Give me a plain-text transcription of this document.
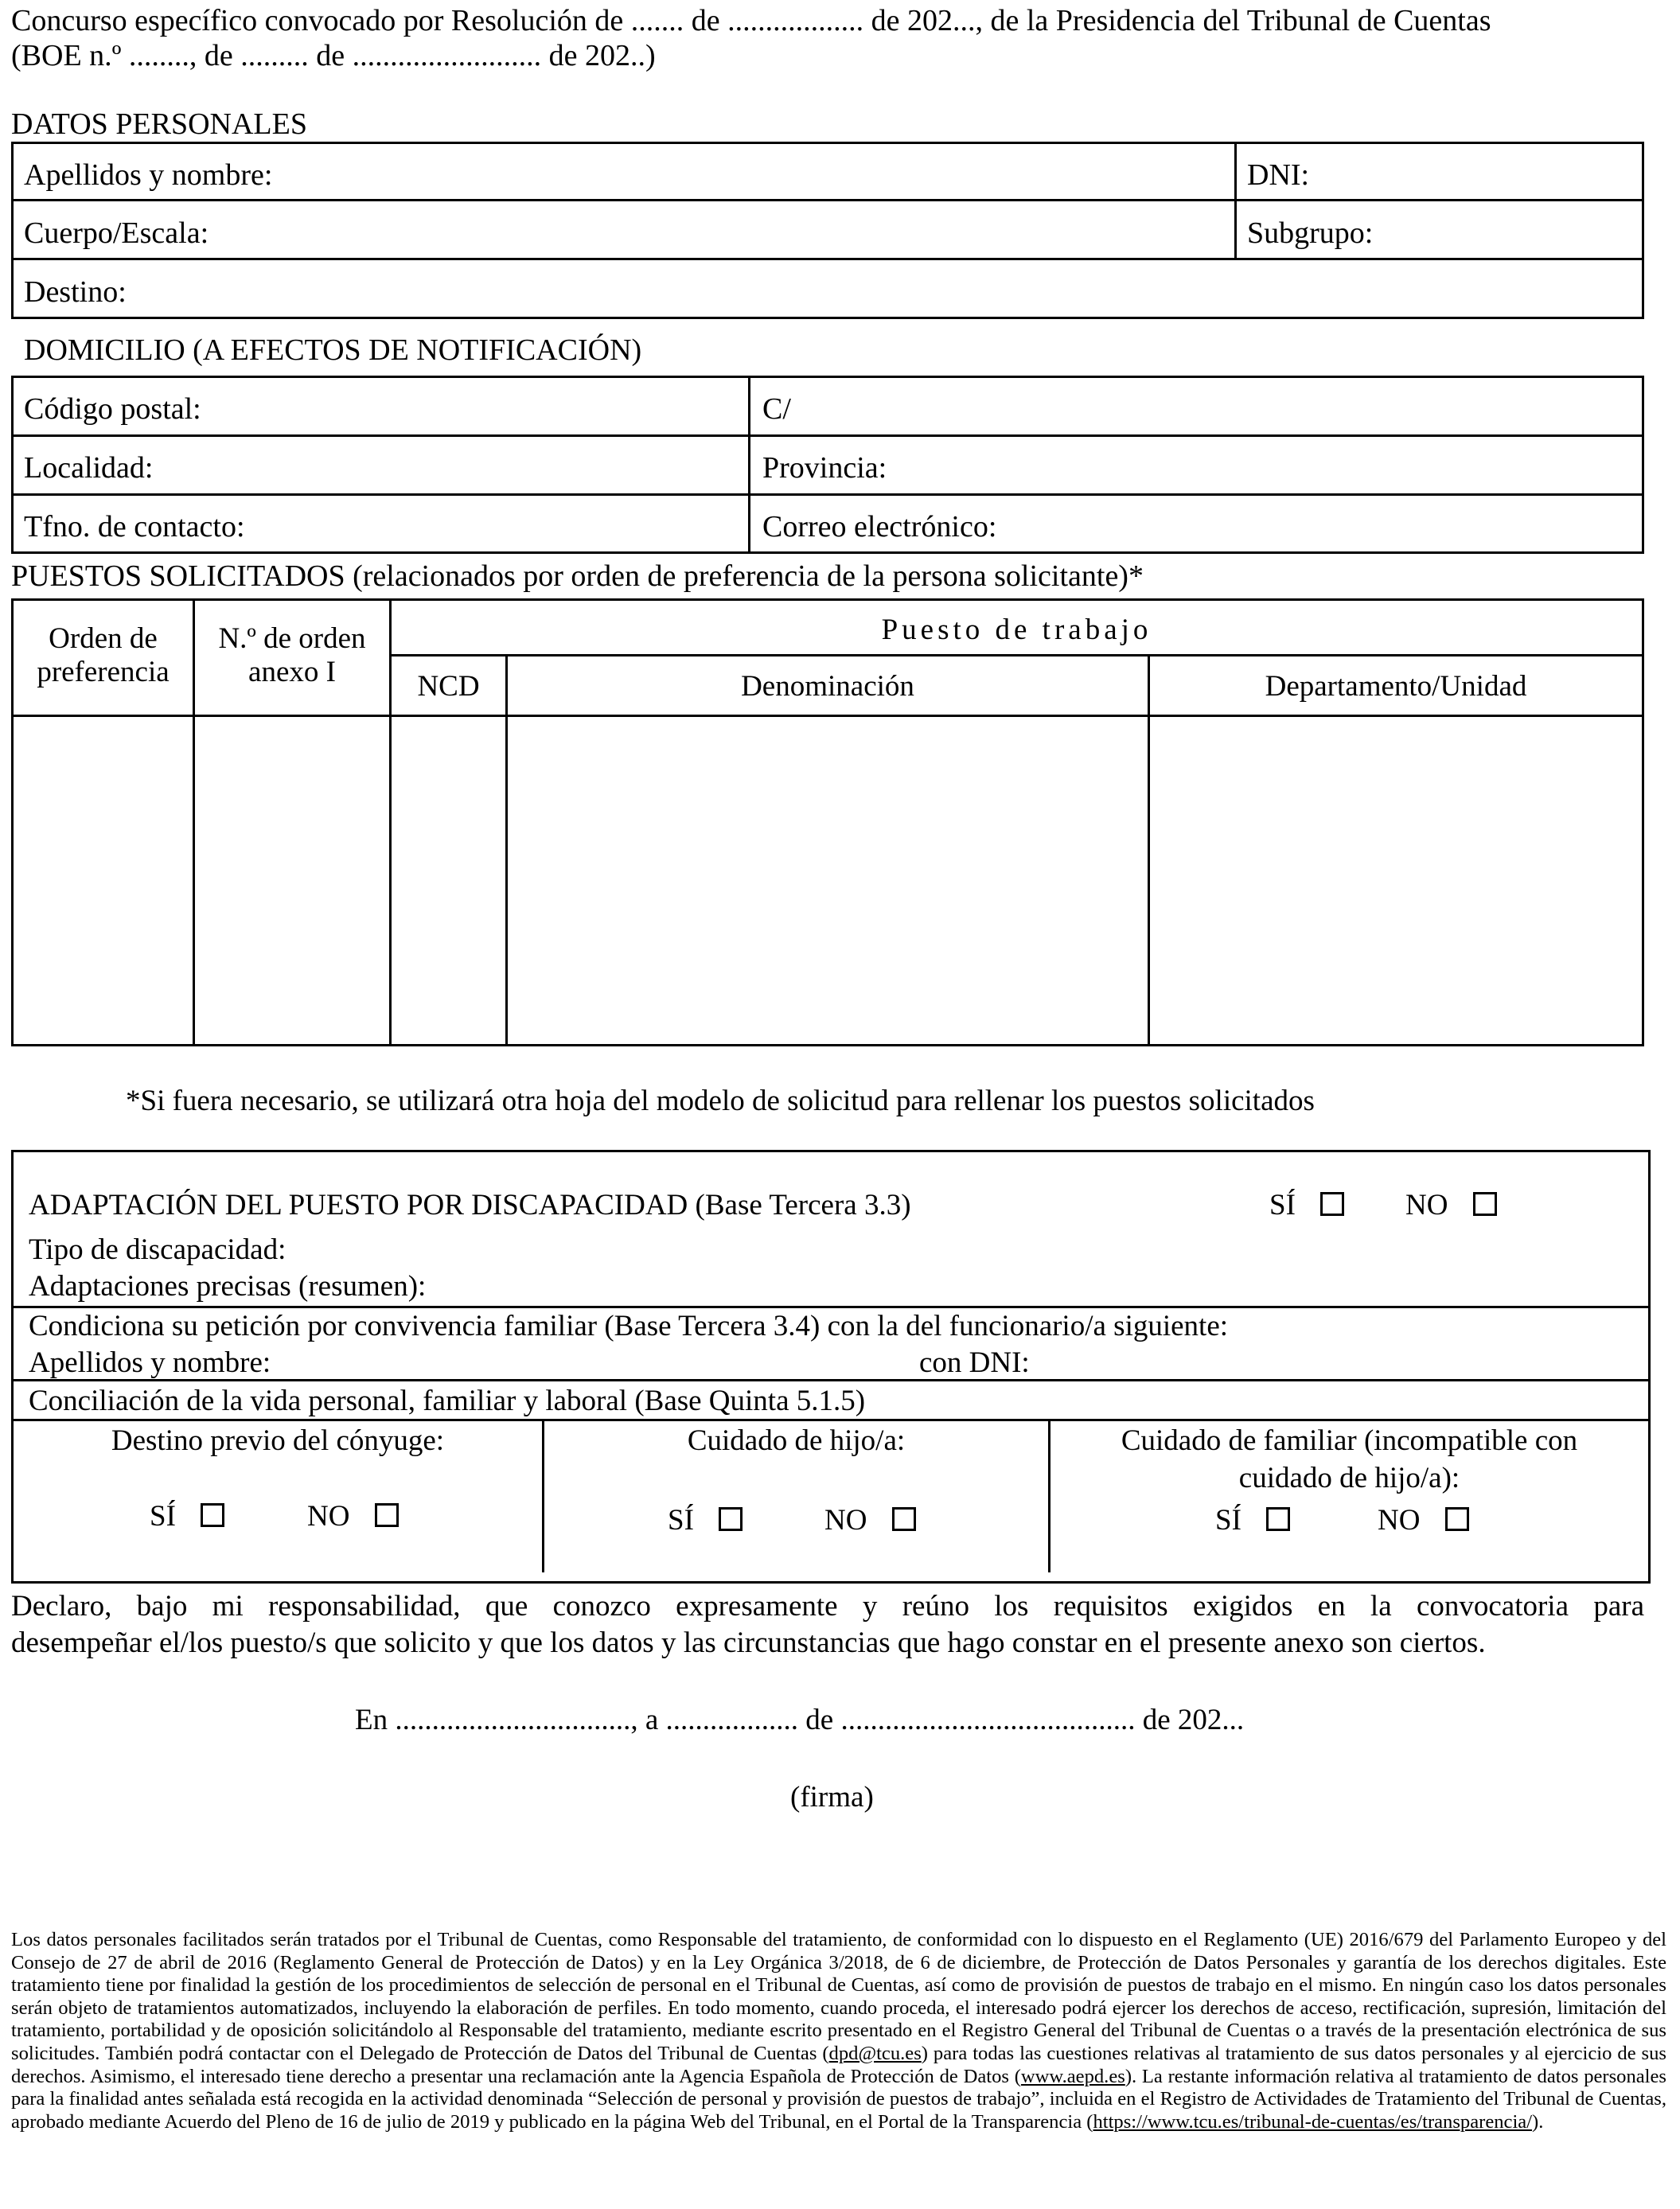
Concurso específico convocado por Resolución de ....... de .................. de 202..., de la Presidencia del Tribunal de Cuentas
(BOE n.º ........, de ......... de ......................... de 202..)
DATOS PERSONALES
Apellidos y nombre:	DNI:
Cuerpo/Escala:	Subgrupo:
Destino:
DOMICILIO (A EFECTOS DE NOTIFICACIÓN)
Código postal:	C/
Localidad:	Provincia:
Tfno. de contacto:	Correo electrónico:
PUESTOS SOLICITADOS (relacionados por orden de preferencia de la persona solicitante)*
Orden de
preferencia
N.º de orden
anexo I
Puesto de trabajo
NCD	Denominación	Departamento/Unidad
*Si fuera necesario, se utilizará otra hoja del modelo de solicitud para rellenar los puestos solicitados
ADAPTACIÓN DEL PUESTO POR DISCAPACIDAD (Base Tercera 3.3)	SÍ	NO
Tipo de discapacidad:
Adaptaciones precisas (resumen):
Condiciona su petición por convivencia familiar (Base Tercera 3.4) con la del funcionario/a siguiente:
Apellidos y nombre:	con DNI:
Conciliación de la vida personal, familiar y laboral (Base Quinta 5.1.5)
Destino previo del cónyuge:
SÍ	NO
Cuidado de hijo/a:
SÍ	NO
Cuidado de familiar (incompatible con
cuidado de hijo/a):
SÍ	NO
Declaro, bajo mi responsabilidad, que conozco expresamente y reúno los requisitos exigidos en la convocatoria para
desempeñar el/los puesto/s que solicito y que los datos y las circunstancias que hago constar en el presente anexo son ciertos.
En ................................, a .................. de ........................................ de 202...
(firma)
Los datos personales facilitados serán tratados por el Tribunal de Cuentas, como Responsable del tratamiento, de conformidad con lo dispuesto en el Reglamento (UE) 2016/679 del Parlamento Europeo y del Consejo de 27 de abril de 2016 (Reglamento General de Protección de Datos) y en la Ley Orgánica 3/2018, de 6 de diciembre, de Protección de Datos Personales y garantía de los derechos digitales. Este tratamiento tiene por finalidad la gestión de los procedimientos de selección de personal en el Tribunal de Cuentas, así como de provisión de puestos de trabajo en el mismo. En ningún caso los datos personales serán objeto de tratamientos automatizados, incluyendo la elaboración de perfiles. En todo momento, cuando proceda, el interesado podrá ejercer los derechos de acceso, rectificación, supresión, limitación del tratamiento, portabilidad y de oposición solicitándolo al Responsable del tratamiento, mediante escrito presentado en el Registro General del Tribunal de Cuentas o a través de la presentación electrónica de sus solicitudes. También podrá contactar con el Delegado de Protección de Datos del Tribunal de Cuentas (dpd@tcu.es) para todas las cuestiones relativas al tratamiento de sus datos personales y al ejercicio de sus derechos. Asimismo, el interesado tiene derecho a presentar una reclamación ante la Agencia Española de Protección de Datos (www.aepd.es). La restante información relativa al tratamiento de datos personales para la finalidad antes señalada está recogida en la actividad denominada “Selección de personal y provisión de puestos de trabajo”, incluida en el Registro de Actividades de Tratamiento del Tribunal de Cuentas, aprobado mediante Acuerdo del Pleno de 16 de julio de 2019 y publicado en la página Web del Tribunal, en el Portal de la Transparencia (https://www.tcu.es/tribunal-de-cuentas/es/transparencia/).
